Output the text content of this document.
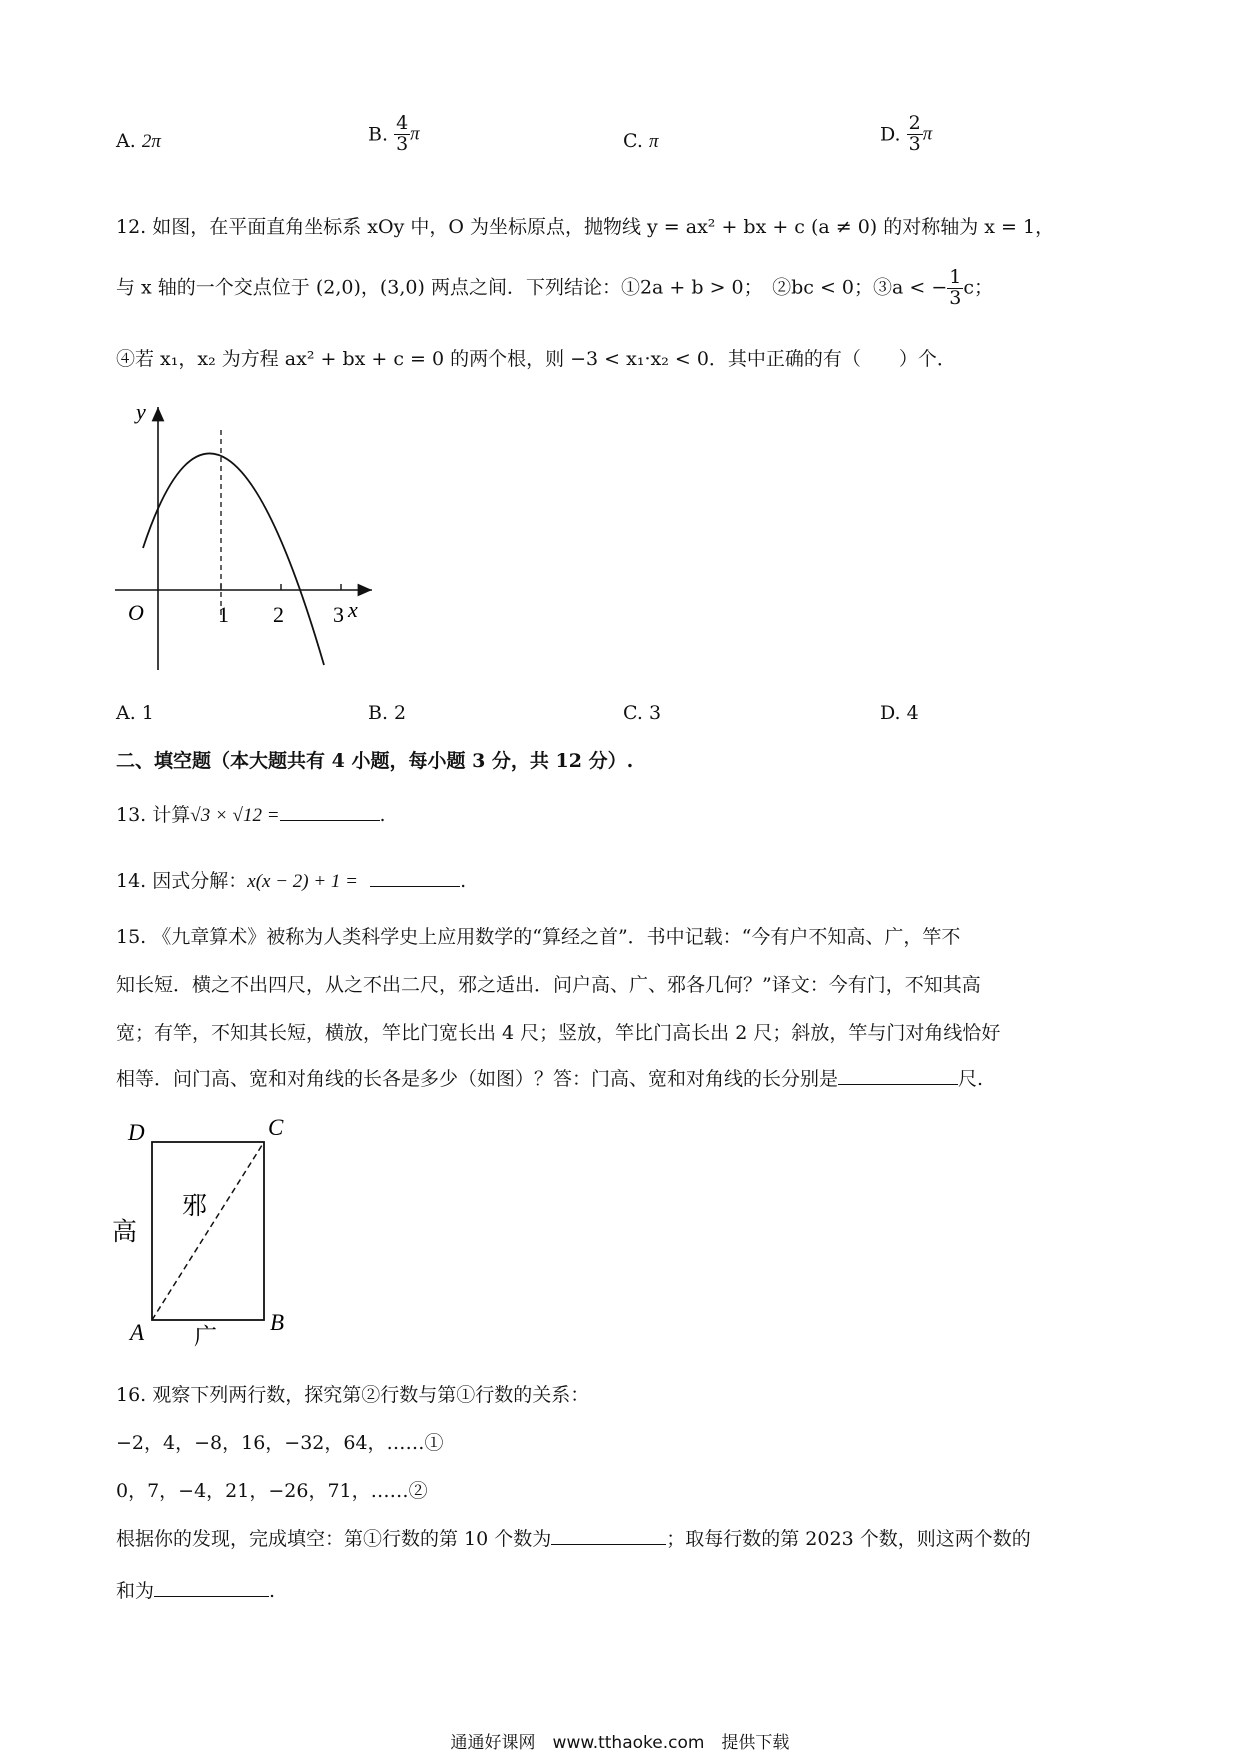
A. 2π	B. $\frac{4}{3}$ π	C. π	D. $\frac{2}{3}$ π
12. 如图，在平面直角坐标系 xOy 中，O 为坐标原点，抛物线 y = ax² + bx + c (a ≠ 0) 的对称轴为 x = 1，
与 x 轴的一个交点位于 (2,0)，(3,0) 两点之间．下列结论：①2a + b > 0；　②bc < 0；③a < − $\frac{1}{3}$ c；
④若 x₁，x₂ 为方程 ax² + bx + c = 0 的两个根，则 −3 < x₁·x₂ < 0．其中正确的有（　　）个．
y
x
O	1 2 3
A. 1	B. 2	C. 3	D. 4
二、填空题（本大题共有 4 小题，每小题 3 分，共 12 分）.
13. 计算√3 × √12 =	.
14. 因式分解：x(x − 2) + 1 =	.
15. 《九章算术》被称为人类科学史上应用数学的“算经之首”．书中记载：“今有户不知高、广，竿不
知长短．横之不出四尺，从之不出二尺，邪之适出．问户高、广、邪各几何？”译文：今有门，不知其高
宽；有竿，不知其长短，横放，竿比门宽长出 4 尺；竖放，竿比门高长出 2 尺；斜放，竿与门对角线恰好
相等．问门高、宽和对角线的长各是多少（如图）？答：门高、宽和对角线的长分别是	尺.
D	C
A	B
高
邪
广
16. 观察下列两行数，探究第②行数与第①行数的关系：
−2，4，−8，16，−32，64，……①
0，7，−4，21，−26，71，……②
根据你的发现，完成填空：第①行数的第 10 个数为	；取每行数的第 2023 个数，则这两个数的
和为	.
通通好课网　www.tthaoke.com　提供下载
